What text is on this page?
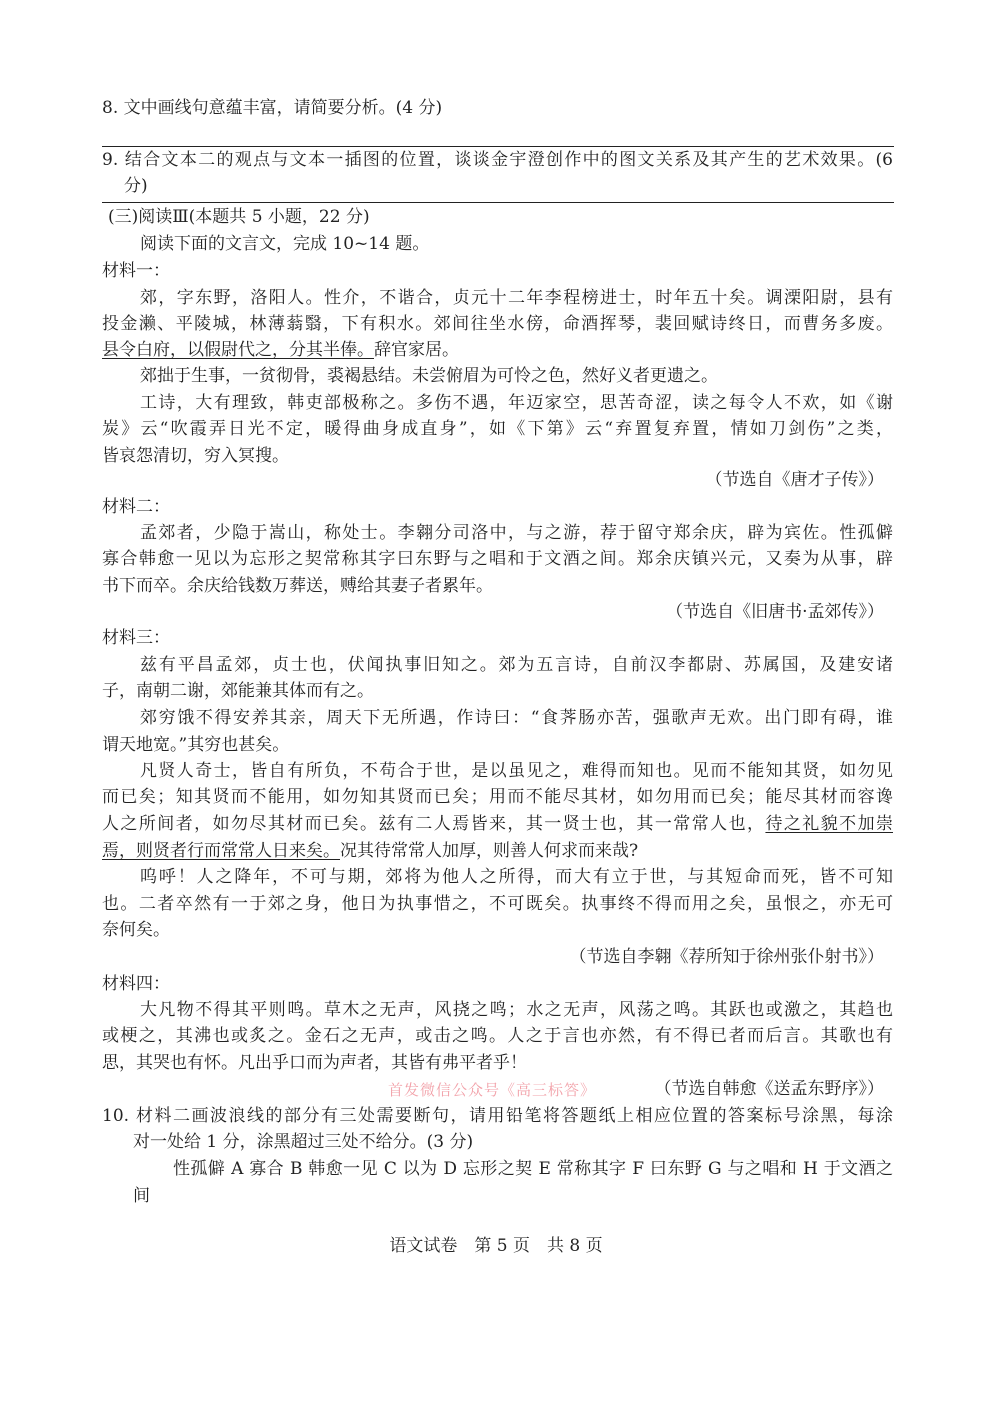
8. 文中画线句意蕴丰富，请简要分析。(4 分)
9. 结合文本二的观点与文本一插图的位置，谈谈金宇澄创作中的图文关系及其产生的艺术效果。(6
分)
(三)阅读Ⅲ(本题共 5 小题，22 分)
阅读下面的文言文，完成 10~14 题。
材料一：
郊，字东野，洛阳人。性介，不谐合，贞元十二年李程榜进士，时年五十矣。调溧阳尉，县有
投金濑、平陵城，林薄蓊翳，下有积水。郊间往坐水傍，命酒挥琴，裴回赋诗终日，而曹务多废。
县令白府，以假尉代之，分其半俸。辞官家居。
郊拙于生事，一贫彻骨，裘褐悬结。未尝俯眉为可怜之色，然好义者更遗之。
工诗，大有理致，韩吏部极称之。多伤不遇，年迈家空，思苦奇涩，读之每令人不欢，如《谢
炭》云“吹霞弄日光不定，暖得曲身成直身”，如《下第》云“弃置复弃置，情如刀剑伤”之类，
皆哀怨清切，穷入冥搜。
（节选自《唐才子传》）
材料二：
孟郊者，少隐于嵩山，称处士。李翱分司洛中，与之游，荐于留守郑余庆，辟为宾佐。性孤僻
寡合韩愈一见以为忘形之契常称其字曰东野与之唱和于文酒之间。郑余庆镇兴元，又奏为从事，辟
书下而卒。余庆给钱数万葬送，赙给其妻子者累年。
（节选自《旧唐书·孟郊传》）
材料三：
兹有平昌孟郊，贞士也，伏闻执事旧知之。郊为五言诗，自前汉李都尉、苏属国，及建安诸
子，南朝二谢，郊能兼其体而有之。
郊穷饿不得安养其亲，周天下无所遇，作诗曰：“食荠肠亦苦，强歌声无欢。出门即有碍，谁
谓天地宽。”其穷也甚矣。
凡贤人奇士，皆自有所负，不苟合于世，是以虽见之，难得而知也。见而不能知其贤，如勿见
而已矣；知其贤而不能用，如勿知其贤而已矣；用而不能尽其材，如勿用而已矣；能尽其材而容谗
人之所间者，如勿尽其材而已矣。兹有二人焉皆来，其一贤士也，其一常常人也，待之礼貌不加崇
焉，则贤者行而常常人日来矣。况其待常常人加厚，则善人何求而来哉?
呜呼！人之降年，不可与期，郊将为他人之所得，而大有立于世，与其短命而死，皆不可知
也。二者卒然有一于郊之身，他日为执事惜之，不可既矣。执事终不得而用之矣，虽恨之，亦无可
奈何矣。
（节选自李翱《荐所知于徐州张仆射书》）
材料四：
大凡物不得其平则鸣。草木之无声，风挠之鸣；水之无声，风荡之鸣。其跃也或激之，其趋也
或梗之，其沸也或炙之。金石之无声，或击之鸣。人之于言也亦然，有不得已者而后言。其歌也有
思，其哭也有怀。凡出乎口而为声者，其皆有弗平者乎！
（节选自韩愈《送孟东野序》）
10. 材料二画波浪线的部分有三处需要断句，请用铅笔将答题纸上相应位置的答案标号涂黑，每涂
对一处给 1 分，涂黑超过三处不给分。(3 分)
性孤僻 A 寡合 B 韩愈一见 C 以为 D 忘形之契 E 常称其字 F 曰东野 G 与之唱和 H 于文酒之
间
首发微信公众号《高三标答》
语文试卷　第 5 页　共 8 页
